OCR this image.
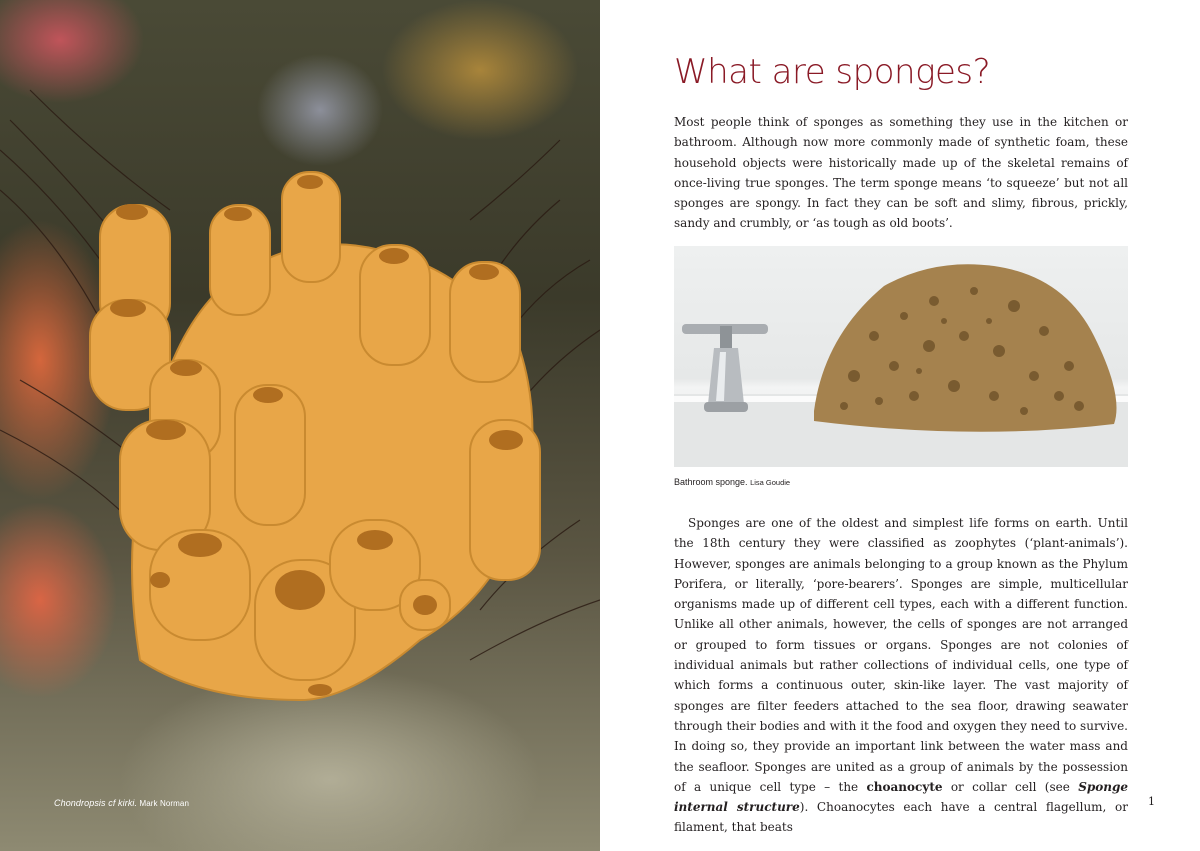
Chondropsis cf kirki. Mark Norman
What are sponges?

Most people think of sponges as something they use in the kitchen or bathroom. Although now more commonly made of synthetic foam, these household objects were historically made up of the skeletal remains of once-living true sponges. The term sponge means ‘to squeeze’ but not all sponges are spongy. In fact they can be soft and slimy, fibrous, prickly, sandy and crumbly, or ‘as tough as old boots’.

Bathroom sponge. Lisa Goudie

Sponges are one of the oldest and simplest life forms on earth. Until the 18th century they were classified as zoophytes (‘plant-animals’). However, sponges are animals belonging to a group known as the Phylum Porifera, or literally, ‘pore-bearers’. Sponges are simple, multicellular organisms made up of different cell types, each with a different function. Unlike all other animals, however, the cells of sponges are not arranged or grouped to form tissues or organs. Sponges are not colonies of individual animals but rather collections of individual cells, one type of which forms a continuous outer, skin-like layer. The vast majority of sponges are filter feeders attached to the sea floor, drawing seawater through their bodies and with it the food and oxygen they need to survive. In doing so, they provide an important link between the water mass and the seafloor. Sponges are united as a group of animals by the possession of a unique cell type – the choanocyte or collar cell (see Sponge internal structure). Choanocytes each have a central flagellum, or filament, that beats

1
